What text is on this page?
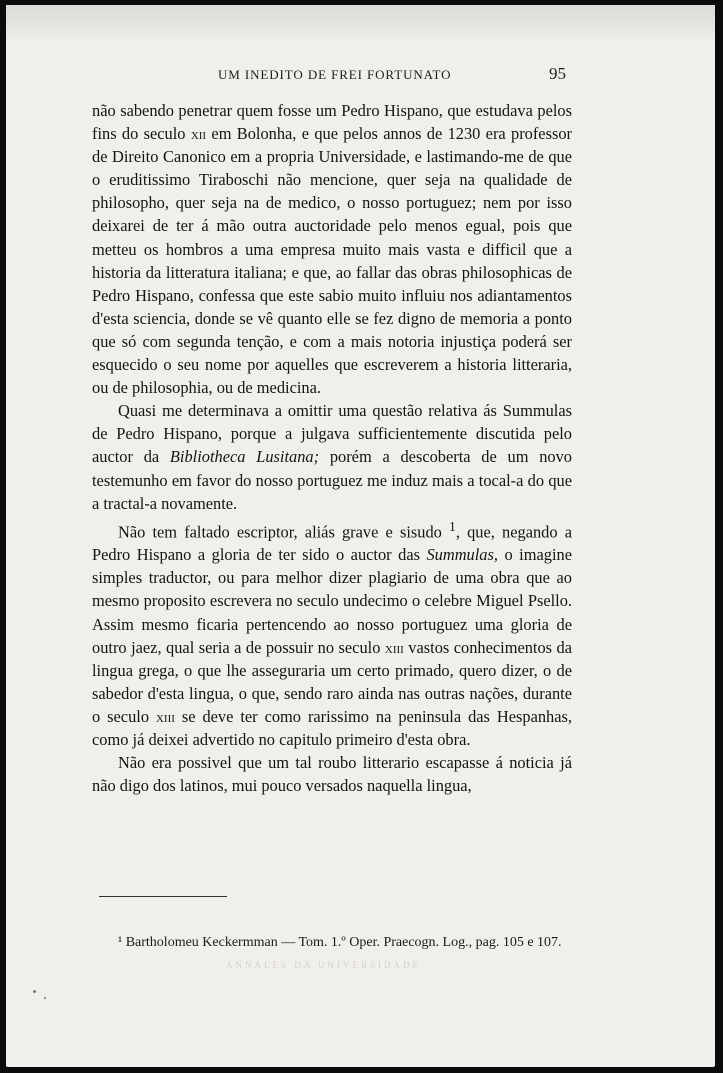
UM INEDITO DE FREI FORTUNATO	95

não sabendo penetrar quem fosse um Pedro Hispano, que estudava pelos fins do seculo xii em Bolonha, e que pelos annos de 1230 era professor de Direito Canonico em a propria Universidade, e lastimando-me de que o eruditissimo Tiraboschi não mencione, quer seja na qualidade de philosopho, quer seja na de medico, o nosso portuguez; nem por isso deixarei de ter á mão outra auctoridade pelo menos egual, pois que metteu os hombros a uma empresa muito mais vasta e difficil que a historia da litteratura italiana; e que, ao fallar das obras philosophicas de Pedro Hispano, confessa que este sabio muito influiu nos adiantamentos d'esta sciencia, donde se vê quanto elle se fez digno de memoria a ponto que só com segunda tenção, e com a mais notoria injustiça poderá ser esquecido o seu nome por aquelles que escreverem a historia litteraria, ou de philosophia, ou de medicina.

Quasi me determinava a omittir uma questão relativa ás Summulas de Pedro Hispano, porque a julgava sufficientemente discutida pelo auctor da Bibliotheca Lusitana; porém a descoberta de um novo testemunho em favor do nosso portuguez me induz mais a tocal-a do que a tractal-a novamente.

Não tem faltado escriptor, aliás grave e sisudo $^1$, que, negando a Pedro Hispano a gloria de ter sido o auctor das Summulas, o imagine simples traductor, ou para melhor dizer plagiario de uma obra que ao mesmo proposito escrevera no seculo undecimo o celebre Miguel Psello. Assim mesmo ficaria pertencendo ao nosso portuguez uma gloria de outro jaez, qual seria a de possuir no seculo xiii vastos conhecimentos da lingua grega, o que lhe asseguraria um certo primado, quero dizer, o de sabedor d'esta lingua, o que, sendo raro ainda nas outras nações, durante o seculo xiii se deve ter como rarissimo na peninsula das Hespanhas, como já deixei advertido no capitulo primeiro d'esta obra.

Não era possivel que um tal roubo litterario escapasse á noticia já não digo dos latinos, mui pouco versados naquella lingua,

¹ Bartholomeu Keckermman — Tom. 1.º Oper. Praecogn. Log., pag. 105 e 107.
ANNALES DA UNIVERSIDADE
